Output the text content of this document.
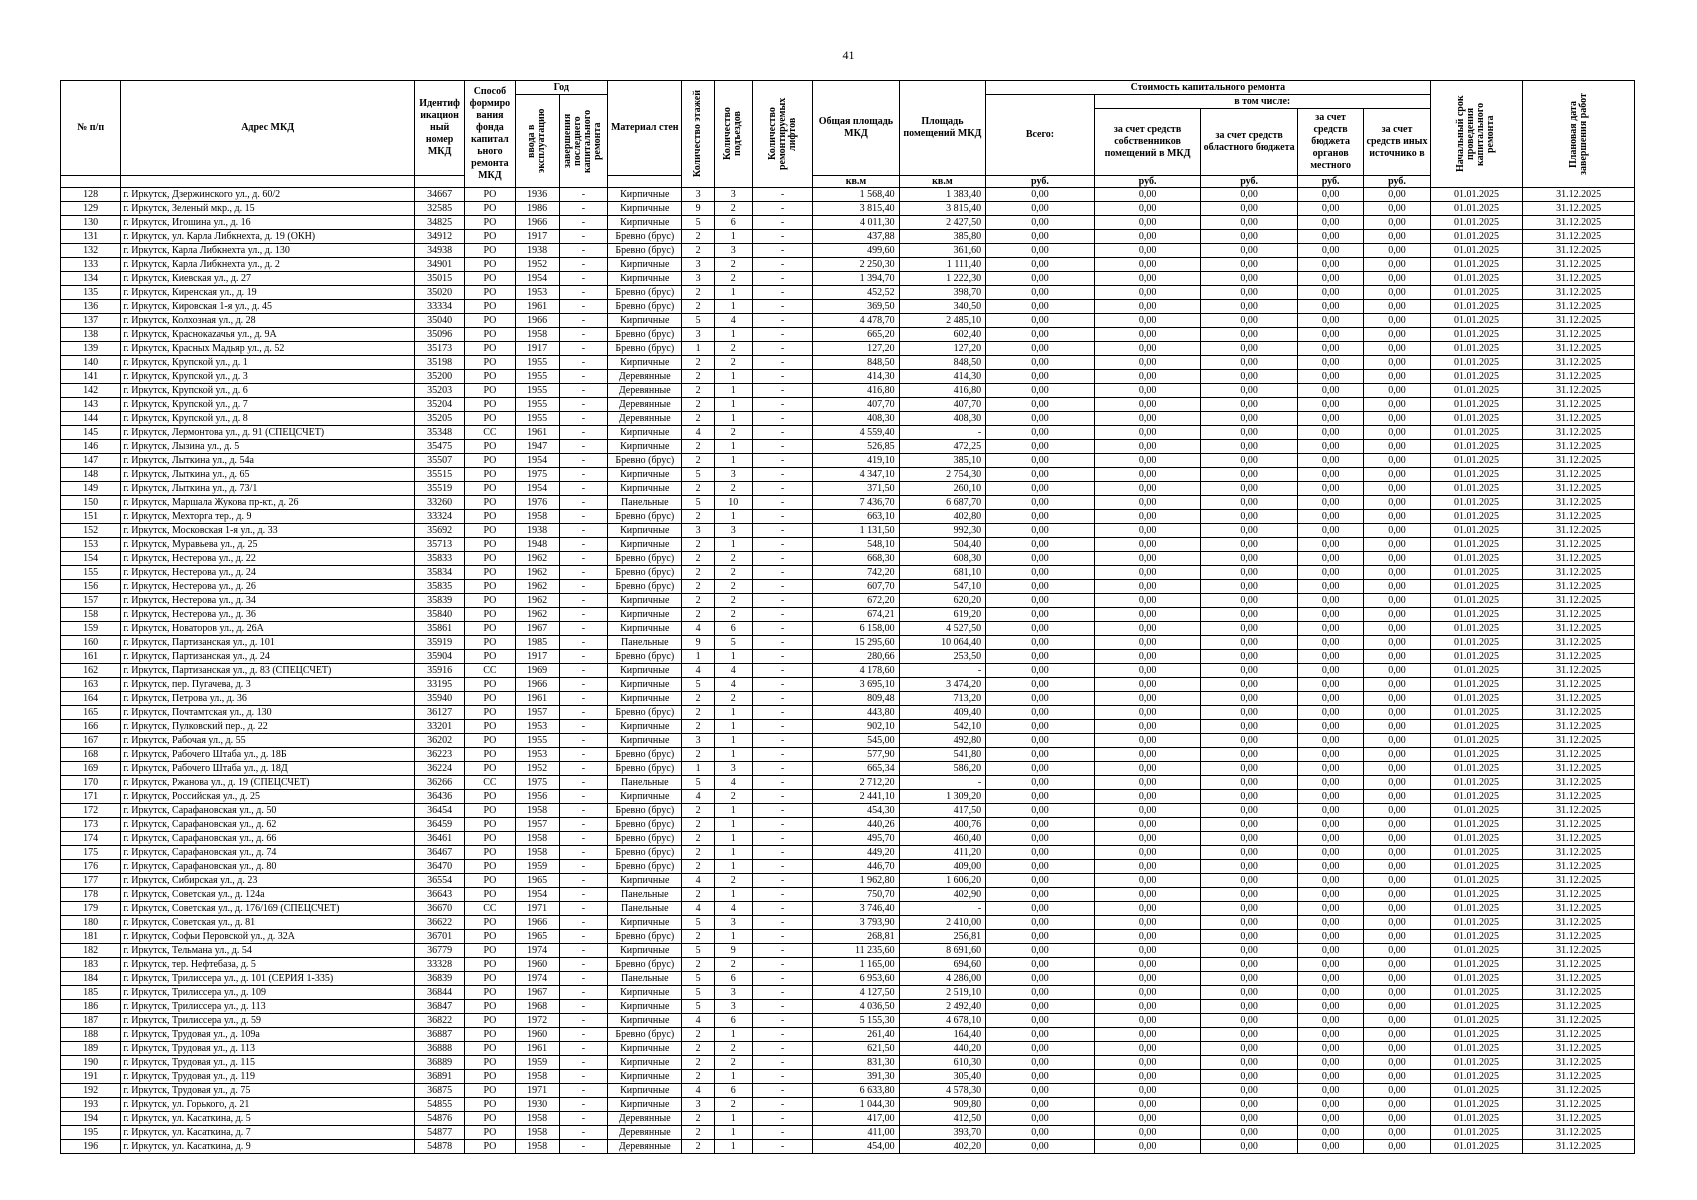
41
№ п/п	Адрес МКД	Идентиф икацион ный номер МКД	Способ формиро вания фонда капитал ьного ремонта МКД	Год		Материал стен	Количество этажей	Количество подъездов	Количество ремонтируемых лифтов	Общая площадь МКД	Площадь помещений МКД	Стоимость капитального ремонта					Начальный срок проведения капитального ремонта	Плановая дата завершения работ

				ввода в эксплуатацию	завершения последнего капитального ремонта							Всего:	в том числе:					
													за счет средств собственников помещений в МКД	за счет средств областного бюджета	за счет средств бюджета органов местного	за счет средств иных источнико в		
										кв.м	кв.м	руб.	руб.	руб.	руб.	руб.		
128	г. Иркутск, Дзержинского ул., д. 60/2	34667	РО	1936	-	Кирпичные	3	3	-	1 568,40	1 383,40	0,00	0,00	0,00	0,00	0,00	01.01.2025	31.12.2025
129	г. Иркутск, Зеленый мкр., д. 15	32585	РО	1986	-	Кирпичные	9	2	-	3 815,40	3 815,40	0,00	0,00	0,00	0,00	0,00	01.01.2025	31.12.2025
130	г. Иркутск, Игошина ул., д. 16	34825	РО	1966	-	Кирпичные	5	6	-	4 011,30	2 427,50	0,00	0,00	0,00	0,00	0,00	01.01.2025	31.12.2025
131	г. Иркутск, ул. Карла Либкнехта, д. 19 (ОКН)	34912	РО	1917	-	Бревно (брус)	2	1	-	437,88	385,80	0,00	0,00	0,00	0,00	0,00	01.01.2025	31.12.2025
132	г. Иркутск, Карла Либкнехта ул., д. 130	34938	РО	1938	-	Бревно (брус)	2	3	-	499,60	361,60	0,00	0,00	0,00	0,00	0,00	01.01.2025	31.12.2025
133	г. Иркутск, Карла Либкнехта ул., д. 2	34901	РО	1952	-	Кирпичные	3	2	-	2 250,30	1 111,40	0,00	0,00	0,00	0,00	0,00	01.01.2025	31.12.2025
134	г. Иркутск, Киевская ул., д. 27	35015	РО	1954	-	Кирпичные	3	2	-	1 394,70	1 222,30	0,00	0,00	0,00	0,00	0,00	01.01.2025	31.12.2025
135	г. Иркутск, Киренская ул., д. 19	35020	РО	1953	-	Бревно (брус)	2	1	-	452,52	398,70	0,00	0,00	0,00	0,00	0,00	01.01.2025	31.12.2025
136	г. Иркутск, Кировская 1-я ул., д. 45	33334	РО	1961	-	Бревно (брус)	2	1	-	369,50	340,50	0,00	0,00	0,00	0,00	0,00	01.01.2025	31.12.2025
137	г. Иркутск, Колхозная ул., д. 28	35040	РО	1966	-	Кирпичные	5	4	-	4 478,70	2 485,10	0,00	0,00	0,00	0,00	0,00	01.01.2025	31.12.2025
138	г. Иркутск, Краснокazачья ул., д. 9А	35096	РО	1958	-	Бревно (брус)	3	1	-	665,20	602,40	0,00	0,00	0,00	0,00	0,00	01.01.2025	31.12.2025
139	г. Иркутск, Красных Мадьяр ул., д. 52	35173	РО	1917	-	Бревно (брус)	1	2	-	127,20	127,20	0,00	0,00	0,00	0,00	0,00	01.01.2025	31.12.2025
140	г. Иркутск, Крупской ул., д. 1	35198	РО	1955	-	Кирпичные	2	2	-	848,50	848,50	0,00	0,00	0,00	0,00	0,00	01.01.2025	31.12.2025
141	г. Иркутск, Крупской ул., д. 3	35200	РО	1955	-	Деревянные	2	1	-	414,30	414,30	0,00	0,00	0,00	0,00	0,00	01.01.2025	31.12.2025
142	г. Иркутск, Крупской ул., д. 6	35203	РО	1955	-	Деревянные	2	1	-	416,80	416,80	0,00	0,00	0,00	0,00	0,00	01.01.2025	31.12.2025
143	г. Иркутск, Крупской ул., д. 7	35204	РО	1955	-	Деревянные	2	1	-	407,70	407,70	0,00	0,00	0,00	0,00	0,00	01.01.2025	31.12.2025
144	г. Иркутск, Крупской ул., д. 8	35205	РО	1955	-	Деревянные	2	1	-	408,30	408,30	0,00	0,00	0,00	0,00	0,00	01.01.2025	31.12.2025
145	г. Иркутск, Лермонтова ул., д. 91 (СПЕЦСЧЕТ)	35348	СС	1961	-	Кирпичные	4	2	-	4 559,40	-	0,00	0,00	0,00	0,00	0,00	01.01.2025	31.12.2025
146	г. Иркутск, Лызина ул., д. 5	35475	РО	1947	-	Кирпичные	2	1	-	526,85	472,25	0,00	0,00	0,00	0,00	0,00	01.01.2025	31.12.2025
147	г. Иркутск, Лыткина ул., д. 54а	35507	РО	1954	-	Бревно (брус)	2	1	-	419,10	385,10	0,00	0,00	0,00	0,00	0,00	01.01.2025	31.12.2025
148	г. Иркутск, Лыткина ул., д. 65	35515	РО	1975	-	Кирпичные	5	3	-	4 347,10	2 754,30	0,00	0,00	0,00	0,00	0,00	01.01.2025	31.12.2025
149	г. Иркутск, Лыткина ул., д. 73/1	35519	РО	1954	-	Кирпичные	2	2	-	371,50	260,10	0,00	0,00	0,00	0,00	0,00	01.01.2025	31.12.2025
150	г. Иркутск, Маршала Жукова пр-кт., д. 26	33260	РО	1976	-	Панельные	5	10	-	7 436,70	6 687,70	0,00	0,00	0,00	0,00	0,00	01.01.2025	31.12.2025
151	г. Иркутск, Мехторга тер., д. 9	33324	РО	1958	-	Бревно (брус)	2	1	-	663,10	402,80	0,00	0,00	0,00	0,00	0,00	01.01.2025	31.12.2025
152	г. Иркутск, Московская 1-я ул., д. 33	35692	РО	1938	-	Кирпичные	3	3	-	1 131,50	992,30	0,00	0,00	0,00	0,00	0,00	01.01.2025	31.12.2025
153	г. Иркутск, Муравьева ул., д. 25	35713	РО	1948	-	Кирпичные	2	1	-	548,10	504,40	0,00	0,00	0,00	0,00	0,00	01.01.2025	31.12.2025
154	г. Иркутск, Нестерова ул., д. 22	35833	РО	1962	-	Бревно (брус)	2	2	-	668,30	608,30	0,00	0,00	0,00	0,00	0,00	01.01.2025	31.12.2025
155	г. Иркутск, Нестерова ул., д. 24	35834	РО	1962	-	Бревно (брус)	2	2	-	742,20	681,10	0,00	0,00	0,00	0,00	0,00	01.01.2025	31.12.2025
156	г. Иркутск, Нестерова ул., д. 26	35835	РО	1962	-	Бревно (брус)	2	2	-	607,70	547,10	0,00	0,00	0,00	0,00	0,00	01.01.2025	31.12.2025
157	г. Иркутск, Нестерова ул., д. 34	35839	РО	1962	-	Кирпичные	2	2	-	672,20	620,20	0,00	0,00	0,00	0,00	0,00	01.01.2025	31.12.2025
158	г. Иркутск, Нестерова ул., д. 36	35840	РО	1962	-	Кирпичные	2	2	-	674,21	619,20	0,00	0,00	0,00	0,00	0,00	01.01.2025	31.12.2025
159	г. Иркутск, Новаторов ул., д. 26А	35861	РО	1967	-	Кирпичные	4	6	-	6 158,00	4 527,50	0,00	0,00	0,00	0,00	0,00	01.01.2025	31.12.2025
160	г. Иркутск, Партизанская ул., д. 101	35919	РО	1985	-	Панельные	9	5	-	15 295,60	10 064,40	0,00	0,00	0,00	0,00	0,00	01.01.2025	31.12.2025
161	г. Иркутск, Партизанская ул., д. 24	35904	РО	1917	-	Бревно (брус)	1	1	-	280,66	253,50	0,00	0,00	0,00	0,00	0,00	01.01.2025	31.12.2025
162	г. Иркутск, Партизанская ул., д. 83 (СПЕЦСЧЕТ)	35916	СС	1969	-	Кирпичные	4	4	-	4 178,60	-	0,00	0,00	0,00	0,00	0,00	01.01.2025	31.12.2025
163	г. Иркутск, пер. Пугачева, д. 3	33195	РО	1966	-	Кирпичные	5	4	-	3 695,10	3 474,20	0,00	0,00	0,00	0,00	0,00	01.01.2025	31.12.2025
164	г. Иркутск, Петрова ул., д. 36	35940	РО	1961	-	Кирпичные	2	2	-	809,48	713,20	0,00	0,00	0,00	0,00	0,00	01.01.2025	31.12.2025
165	г. Иркутск, Почтамтская ул., д. 130	36127	РО	1957	-	Бревно (брус)	2	1	-	443,80	409,40	0,00	0,00	0,00	0,00	0,00	01.01.2025	31.12.2025
166	г. Иркутск, Пулковский пер., д. 22	33201	РО	1953	-	Кирпичные	2	1	-	902,10	542,10	0,00	0,00	0,00	0,00	0,00	01.01.2025	31.12.2025
167	г. Иркутск, Рабочая ул., д. 55	36202	РО	1955	-	Кирпичные	3	1	-	545,00	492,80	0,00	0,00	0,00	0,00	0,00	01.01.2025	31.12.2025
168	г. Иркутск, Рабочего Штаба ул., д. 18Б	36223	РО	1953	-	Бревно (брус)	2	1	-	577,90	541,80	0,00	0,00	0,00	0,00	0,00	01.01.2025	31.12.2025
169	г. Иркутск, Рабочего Штаба ул., д. 18Д	36224	РО	1952	-	Бревно (брус)	1	3	-	665,34	586,20	0,00	0,00	0,00	0,00	0,00	01.01.2025	31.12.2025
170	г. Иркутск, Ржанова ул., д. 19 (СПЕЦСЧЕТ)	36266	СС	1975	-	Панельные	5	4	-	2 712,20	-	0,00	0,00	0,00	0,00	0,00	01.01.2025	31.12.2025
171	г. Иркутск, Российская ул., д. 25	36436	РО	1956	-	Кирпичные	4	2	-	2 441,10	1 309,20	0,00	0,00	0,00	0,00	0,00	01.01.2025	31.12.2025
172	г. Иркутск, Сарафановская ул., д. 50	36454	РО	1958	-	Бревно (брус)	2	1	-	454,30	417,50	0,00	0,00	0,00	0,00	0,00	01.01.2025	31.12.2025
173	г. Иркутск, Сарафановская ул., д. 62	36459	РО	1957	-	Бревно (брус)	2	1	-	440,26	400,76	0,00	0,00	0,00	0,00	0,00	01.01.2025	31.12.2025
174	г. Иркутск, Сарафановская ул., д. 66	36461	РО	1958	-	Бревно (брус)	2	1	-	495,70	460,40	0,00	0,00	0,00	0,00	0,00	01.01.2025	31.12.2025
175	г. Иркутск, Сарафановская ул., д. 74	36467	РО	1958	-	Бревно (брус)	2	1	-	449,20	411,20	0,00	0,00	0,00	0,00	0,00	01.01.2025	31.12.2025
176	г. Иркутск, Сарафановская ул., д. 80	36470	РО	1959	-	Бревно (брус)	2	1	-	446,70	409,00	0,00	0,00	0,00	0,00	0,00	01.01.2025	31.12.2025
177	г. Иркутск, Сибирская ул., д. 23	36554	РО	1965	-	Кирпичные	4	2	-	1 962,80	1 606,20	0,00	0,00	0,00	0,00	0,00	01.01.2025	31.12.2025
178	г. Иркутск, Советская ул., д. 124а	36643	РО	1954	-	Панельные	2	1	-	750,70	402,90	0,00	0,00	0,00	0,00	0,00	01.01.2025	31.12.2025
179	г. Иркутск, Советская ул., д. 176/169 (СПЕЦСЧЕТ)	36670	СС	1971	-	Панельные	4	4	-	3 746,40	-	0,00	0,00	0,00	0,00	0,00	01.01.2025	31.12.2025
180	г. Иркутск, Советская ул., д. 81	36622	РО	1966	-	Кирпичные	5	3	-	3 793,90	2 410,00	0,00	0,00	0,00	0,00	0,00	01.01.2025	31.12.2025
181	г. Иркутск, Софьи Перовской ул., д. 32А	36701	РО	1965	-	Бревно (брус)	2	1	-	268,81	256,81	0,00	0,00	0,00	0,00	0,00	01.01.2025	31.12.2025
182	г. Иркутск, Тельмана ул., д. 54	36779	РО	1974	-	Кирпичные	5	9	-	11 235,60	8 691,60	0,00	0,00	0,00	0,00	0,00	01.01.2025	31.12.2025
183	г. Иркутск, тер. Нефтебаза, д. 5	33328	РО	1960	-	Бревно (брус)	2	2	-	1 165,00	694,60	0,00	0,00	0,00	0,00	0,00	01.01.2025	31.12.2025
184	г. Иркутск, Трилиссера ул., д. 101 (СЕРИЯ 1-335)	36839	РО	1974	-	Панельные	5	6	-	6 953,60	4 286,00	0,00	0,00	0,00	0,00	0,00	01.01.2025	31.12.2025
185	г. Иркутск, Трилиссера ул., д. 109	36844	РО	1967	-	Кирпичные	5	3	-	4 127,50	2 519,10	0,00	0,00	0,00	0,00	0,00	01.01.2025	31.12.2025
186	г. Иркутск, Трилиссера ул., д. 113	36847	РО	1968	-	Кирпичные	5	3	-	4 036,50	2 492,40	0,00	0,00	0,00	0,00	0,00	01.01.2025	31.12.2025
187	г. Иркутск, Трилиссера ул., д. 59	36822	РО	1972	-	Кирпичные	4	6	-	5 155,30	4 678,10	0,00	0,00	0,00	0,00	0,00	01.01.2025	31.12.2025
188	г. Иркутск, Трудовая ул., д. 109а	36887	РО	1960	-	Бревно (брус)	2	1	-	261,40	164,40	0,00	0,00	0,00	0,00	0,00	01.01.2025	31.12.2025
189	г. Иркутск, Трудовая ул., д. 113	36888	РО	1961	-	Кирпичные	2	2	-	621,50	440,20	0,00	0,00	0,00	0,00	0,00	01.01.2025	31.12.2025
190	г. Иркутск, Трудовая ул., д. 115	36889	РО	1959	-	Кирпичные	2	2	-	831,30	610,30	0,00	0,00	0,00	0,00	0,00	01.01.2025	31.12.2025
191	г. Иркутск, Трудовая ул., д. 119	36891	РО	1958	-	Кирпичные	2	1	-	391,30	305,40	0,00	0,00	0,00	0,00	0,00	01.01.2025	31.12.2025
192	г. Иркутск, Трудовая ул., д. 75	36875	РО	1971	-	Кирпичные	4	6	-	6 633,80	4 578,30	0,00	0,00	0,00	0,00	0,00	01.01.2025	31.12.2025
193	г. Иркутск, ул. Горького, д. 21	54855	РО	1930	-	Кирпичные	3	2	-	1 044,30	909,80	0,00	0,00	0,00	0,00	0,00	01.01.2025	31.12.2025
194	г. Иркутск, ул. Касаткина, д. 5	54876	РО	1958	-	Деревянные	2	1	-	417,00	412,50	0,00	0,00	0,00	0,00	0,00	01.01.2025	31.12.2025
195	г. Иркутск, ул. Касаткина, д. 7	54877	РО	1958	-	Деревянные	2	1	-	411,00	393,70	0,00	0,00	0,00	0,00	0,00	01.01.2025	31.12.2025
196	г. Иркутск, ул. Касаткина, д. 9	54878	РО	1958	-	Деревянные	2	1	-	454,00	402,20	0,00	0,00	0,00	0,00	0,00	01.01.2025	31.12.2025
